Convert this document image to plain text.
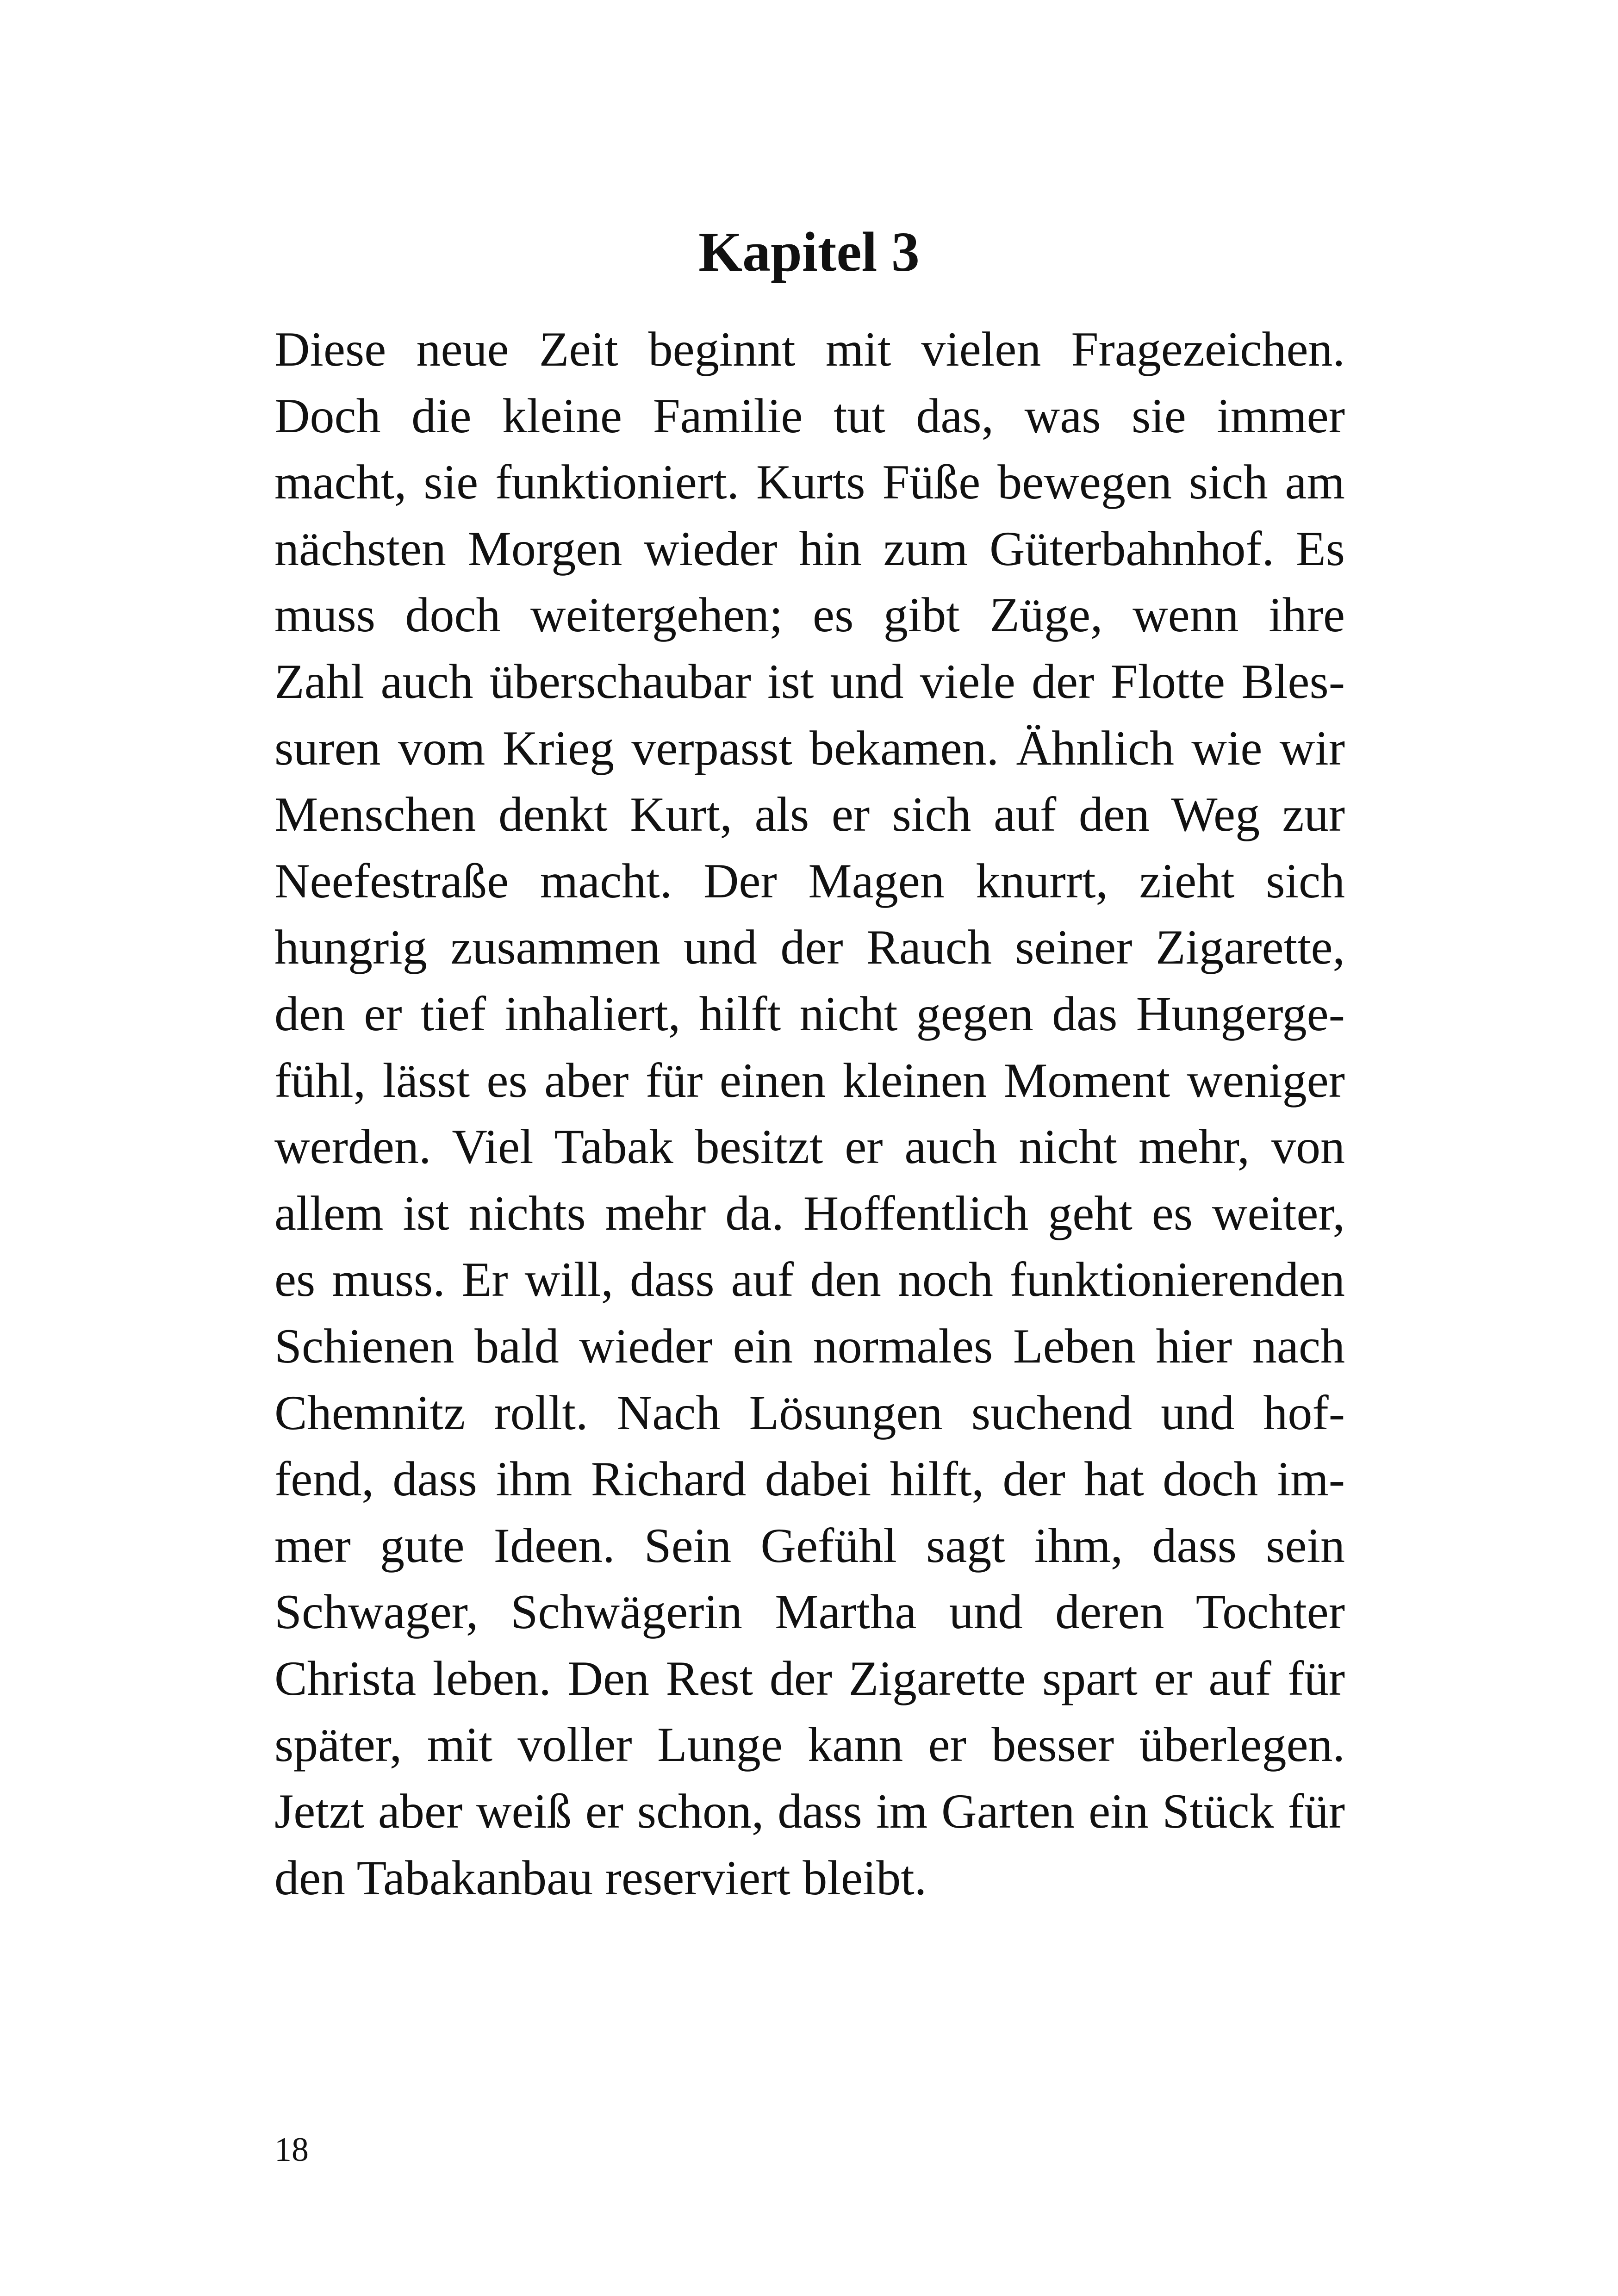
Kapitel 3
Diese neue Zeit beginnt mit vielen Fragezeichen.
Doch die kleine Familie tut das, was sie immer
macht, sie funktioniert. Kurts Füße bewegen sich am
nächsten Morgen wieder hin zum Güterbahnhof. Es
muss doch weitergehen; es gibt Züge, wenn ihre
Zahl auch überschaubar ist und viele der Flotte Bles-
suren vom Krieg verpasst bekamen. Ähnlich wie wir
Menschen denkt Kurt, als er sich auf den Weg zur
Neefestraße macht. Der Magen knurrt, zieht sich
hungrig zusammen und der Rauch seiner Zigarette,
den er tief inhaliert, hilft nicht gegen das Hungerge-
fühl, lässt es aber für einen kleinen Moment weniger
werden. Viel Tabak besitzt er auch nicht mehr, von
allem ist nichts mehr da. Hoffentlich geht es weiter,
es muss. Er will, dass auf den noch funktionierenden
Schienen bald wieder ein normales Leben hier nach
Chemnitz rollt. Nach Lösungen suchend und hof-
fend, dass ihm Richard dabei hilft, der hat doch im-
mer gute Ideen. Sein Gefühl sagt ihm, dass sein
Schwager, Schwägerin Martha und deren Tochter
Christa leben. Den Rest der Zigarette spart er auf für
später, mit voller Lunge kann er besser überlegen.
Jetzt aber weiß er schon, dass im Garten ein Stück für
den Tabakanbau reserviert bleibt.
18
